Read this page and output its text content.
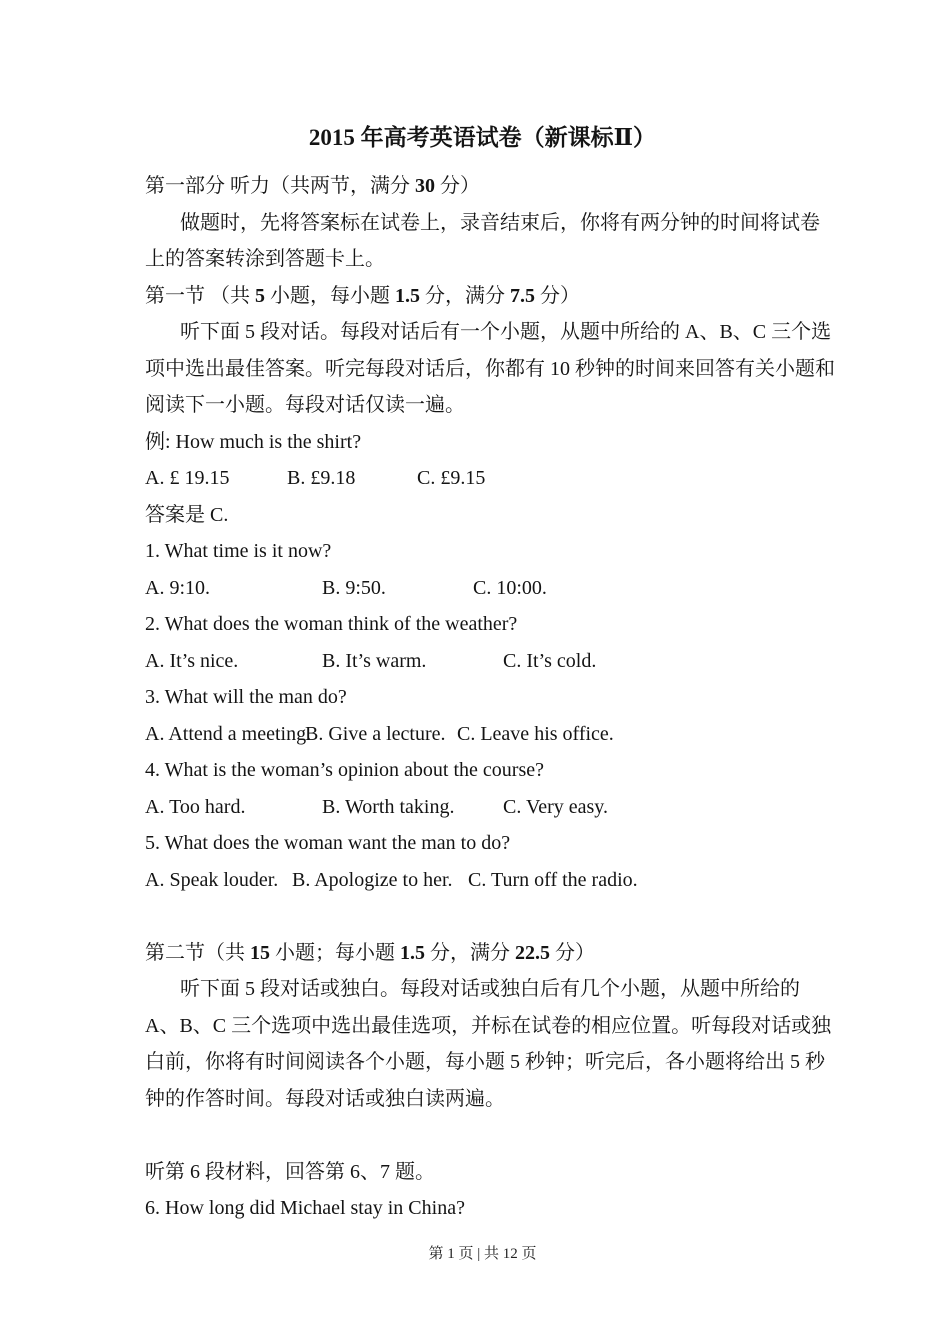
2015 年高考英语试卷（新课标Ⅱ）
第一部分 听力（共两节，满分 30 分）
做题时，先将答案标在试卷上，录音结束后，你将有两分钟的时间将试卷
上的答案转涂到答题卡上。
第一节 （共 5 小题，每小题 1.5 分，满分 7.5 分）
听下面 5 段对话。每段对话后有一个小题，从题中所给的 A、B、C 三个选
项中选出最佳答案。听完每段对话后，你都有 10 秒钟的时间来回答有关小题和
阅读下一小题。每段对话仅读一遍。
例: How much is the shirt?
A. £ 19.15	B. £9.18	C. £9.15
答案是 C.
1. What time is it now?
A. 9:10.	B. 9:50.	C. 10:00.
2. What does the woman think of the weather?
A. It’s nice.	B. It’s warm.	C. It’s cold.
3. What will the man do?
A. Attend a meeting. B. Give a lecture. C. Leave his office.
4. What is the woman’s opinion about the course?
A. Too hard.	B. Worth taking. C. Very easy.
5. What does the woman want the man to do?
A. Speak louder. B. Apologize to her. C. Turn off the radio.
第二节（共 15 小题；每小题 1.5 分，满分 22.5 分）
听下面 5 段对话或独白。每段对话或独白后有几个小题，从题中所给的
A、B、C 三个选项中选出最佳选项，并标在试卷的相应位置。听每段对话或独
白前，你将有时间阅读各个小题，每小题 5 秒钟；听完后，各小题将给出 5 秒
钟的作答时间。每段对话或独白读两遍。
听第 6 段材料，回答第 6、7 题。
6. How long did Michael stay in China?
第 1 页 | 共 12 页
